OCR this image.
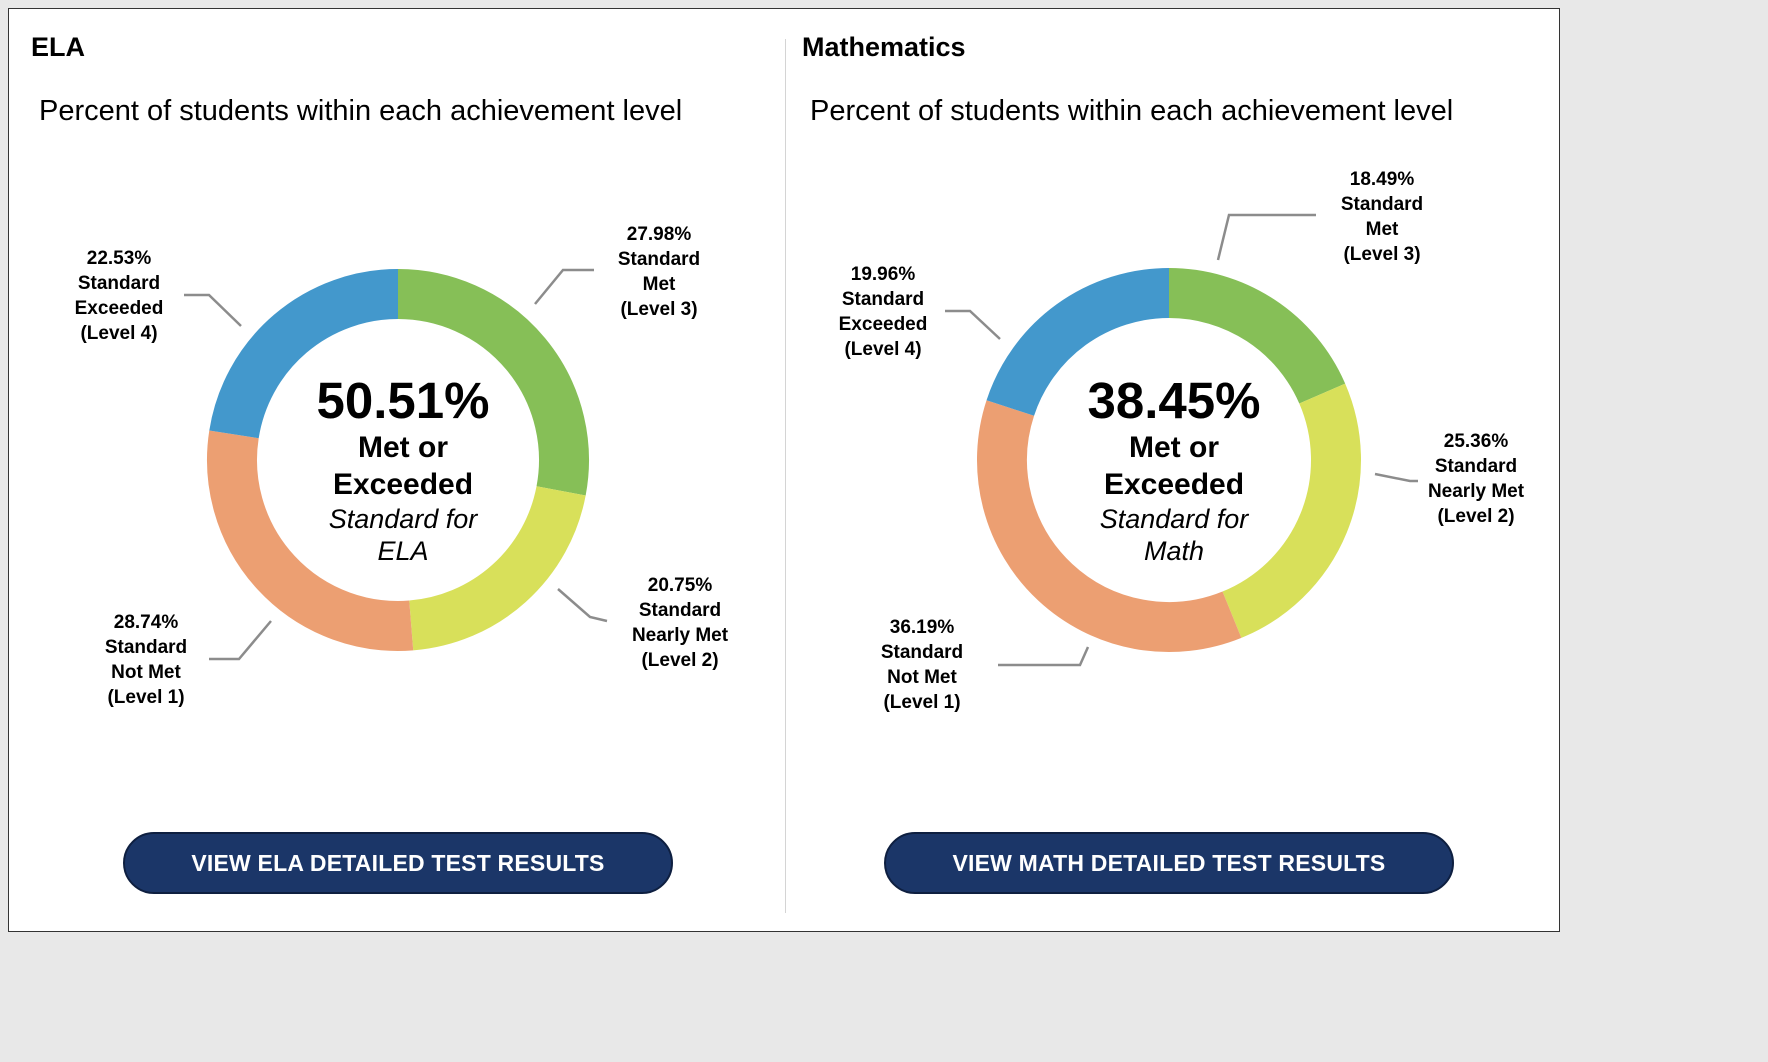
ELA
Percent of students within each achievement level
27.98%
Standard
Met
(Level 3)
20.75%
Standard
Nearly Met
(Level 2)
28.74%
Standard
Not Met
(Level 1)
22.53%
Standard
Exceeded
(Level 4)
50.51%
Met or
Exceeded
Standard for
ELA
VIEW ELA DETAILED TEST RESULTS
Mathematics
Percent of students within each achievement level
18.49%
Standard
Met
(Level 3)
25.36%
Standard
Nearly Met
(Level 2)
36.19%
Standard
Not Met
(Level 1)
19.96%
Standard
Exceeded
(Level 4)
38.45%
Met or
Exceeded
Standard for
Math
VIEW MATH DETAILED TEST RESULTS
